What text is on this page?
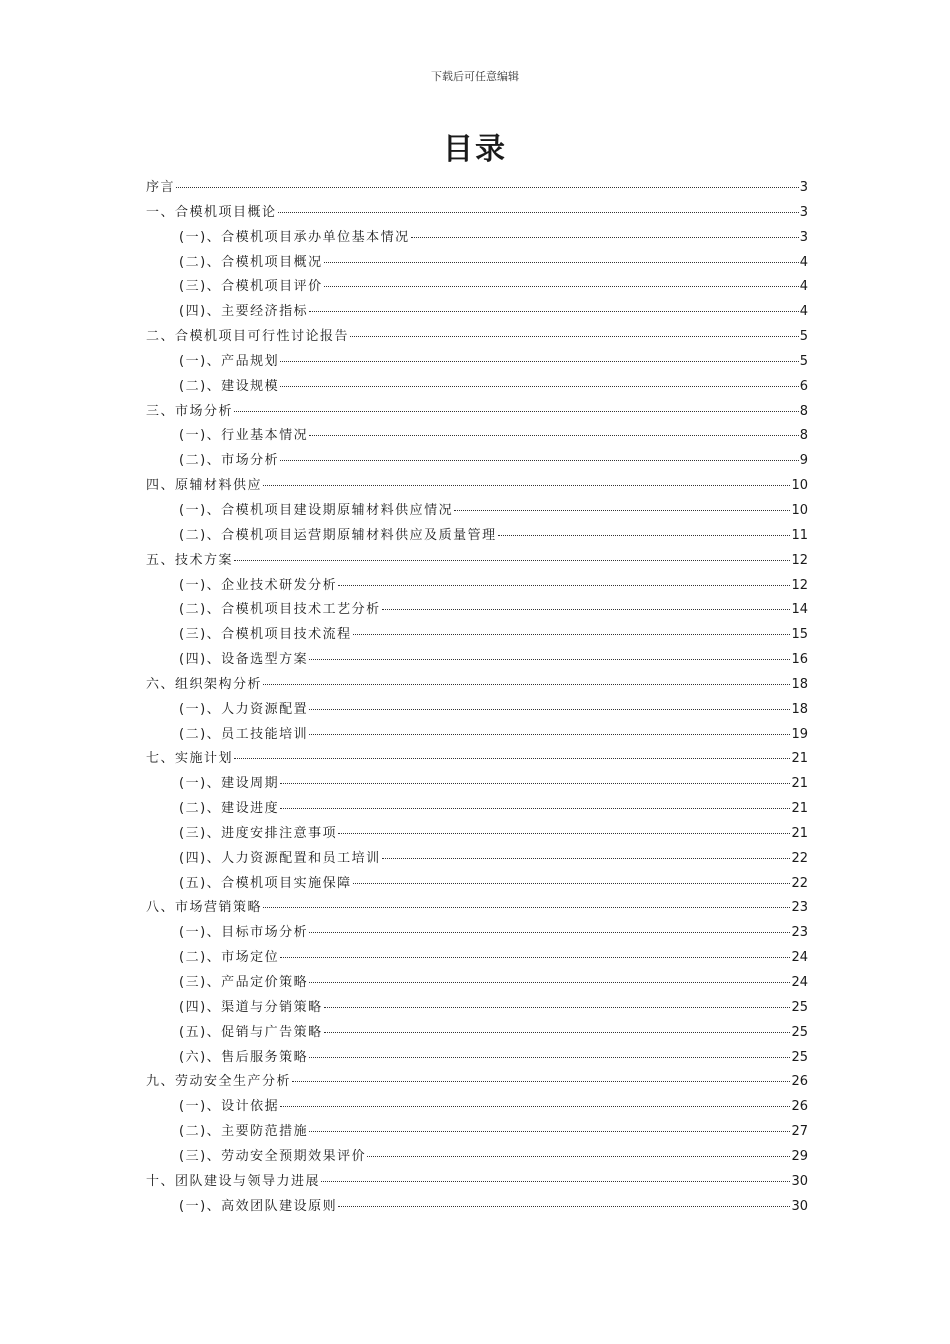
下载后可任意编辑
目录
序言	3
一、合模机项目概论	3
(一)、合模机项目承办单位基本情况	3
(二)、合模机项目概况	4
(三)、合模机项目评价	4
(四)、主要经济指标	4
二、合模机项目可行性讨论报告	5
(一)、产品规划	5
(二)、建设规模	6
三、市场分析	8
(一)、行业基本情况	8
(二)、市场分析	9
四、原辅材料供应	10
(一)、合模机项目建设期原辅材料供应情况	10
(二)、合模机项目运营期原辅材料供应及质量管理	11
五、技术方案	12
(一)、企业技术研发分析	12
(二)、合模机项目技术工艺分析	14
(三)、合模机项目技术流程	15
(四)、设备选型方案	16
六、组织架构分析	18
(一)、人力资源配置	18
(二)、员工技能培训	19
七、实施计划	21
(一)、建设周期	21
(二)、建设进度	21
(三)、进度安排注意事项	21
(四)、人力资源配置和员工培训	22
(五)、合模机项目实施保障	22
八、市场营销策略	23
(一)、目标市场分析	23
(二)、市场定位	24
(三)、产品定价策略	24
(四)、渠道与分销策略	25
(五)、促销与广告策略	25
(六)、售后服务策略	25
九、劳动安全生产分析	26
(一)、设计依据	26
(二)、主要防范措施	27
(三)、劳动安全预期效果评价	29
十、团队建设与领导力进展	30
(一)、高效团队建设原则	30
